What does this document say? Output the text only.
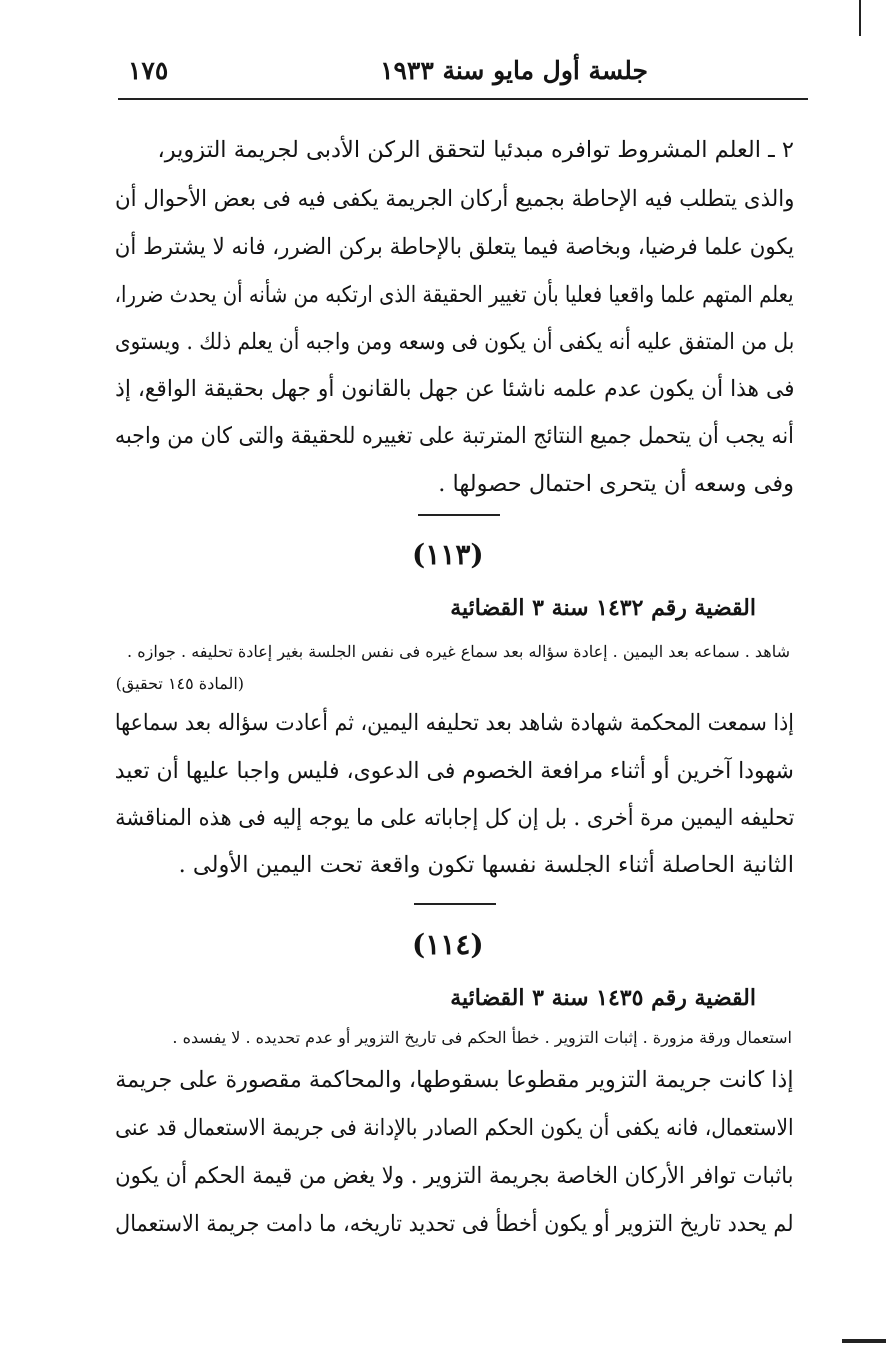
جلسة أول مايو سنة ١٩٣٣
١٧٥
٢ ـ العلم المشروط توافره مبدئيا لتحقق الركن الأدبى لجريمة التزوير،
والذى يتطلب فيه الإحاطة بجميع أركان الجريمة يكفى فيه فى بعض الأحوال أن
يكون علما فرضيا، وبخاصة فيما يتعلق بالإحاطة بركن الضرر، فانه لا يشترط أن
يعلم المتهم علما واقعيا فعليا بأن تغيير الحقيقة الذى ارتكبه من شأنه أن يحدث ضررا،
بل من المتفق عليه أنه يكفى أن يكون فى وسعه ومن واجبه أن يعلم ذلك . ويستوى
فى هذا أن يكون عدم علمه ناشئا عن جهل بالقانون أو جهل بحقيقة الواقع، إذ
أنه يجب أن يتحمل جميع النتائج المترتبة على تغييره للحقيقة والتى كان من واجبه
وفى وسعه أن يتحرى احتمال حصولها .
(١١٣)
القضية رقم ١٤٣٢ سنة ٣ القضائية
شاهد . سماعه بعد اليمين . إعادة سؤاله بعد سماع غيره فى نفس الجلسة بغير إعادة تحليفه . جوازه .
(المادة ١٤٥ تحقيق)
إذا سمعت المحكمة شهادة شاهد بعد تحليفه اليمين، ثم أعادت سؤاله بعد سماعها
شهودا آخرين أو أثناء مرافعة الخصوم فى الدعوى، فليس واجبا عليها أن تعيد
تحليفه اليمين مرة أخرى . بل إن كل إجاباته على ما يوجه إليه فى هذه المناقشة
الثانية الحاصلة أثناء الجلسة نفسها تكون واقعة تحت اليمين الأولى .
(١١٤)
القضية رقم ١٤٣٥ سنة ٣ القضائية
استعمال ورقة مزورة . إثبات التزوير . خطأ الحكم فى تاريخ التزوير أو عدم تحديده . لا يفسده .
إذا كانت جريمة التزوير مقطوعا بسقوطها، والمحاكمة مقصورة على جريمة
الاستعمال، فانه يكفى أن يكون الحكم الصادر بالإدانة فى جريمة الاستعمال قد عنى
باثبات توافر الأركان الخاصة بجريمة التزوير . ولا يغض من قيمة الحكم أن يكون
لم يحدد تاريخ التزوير أو يكون أخطأ فى تحديد تاريخه، ما دامت جريمة الاستعمال
